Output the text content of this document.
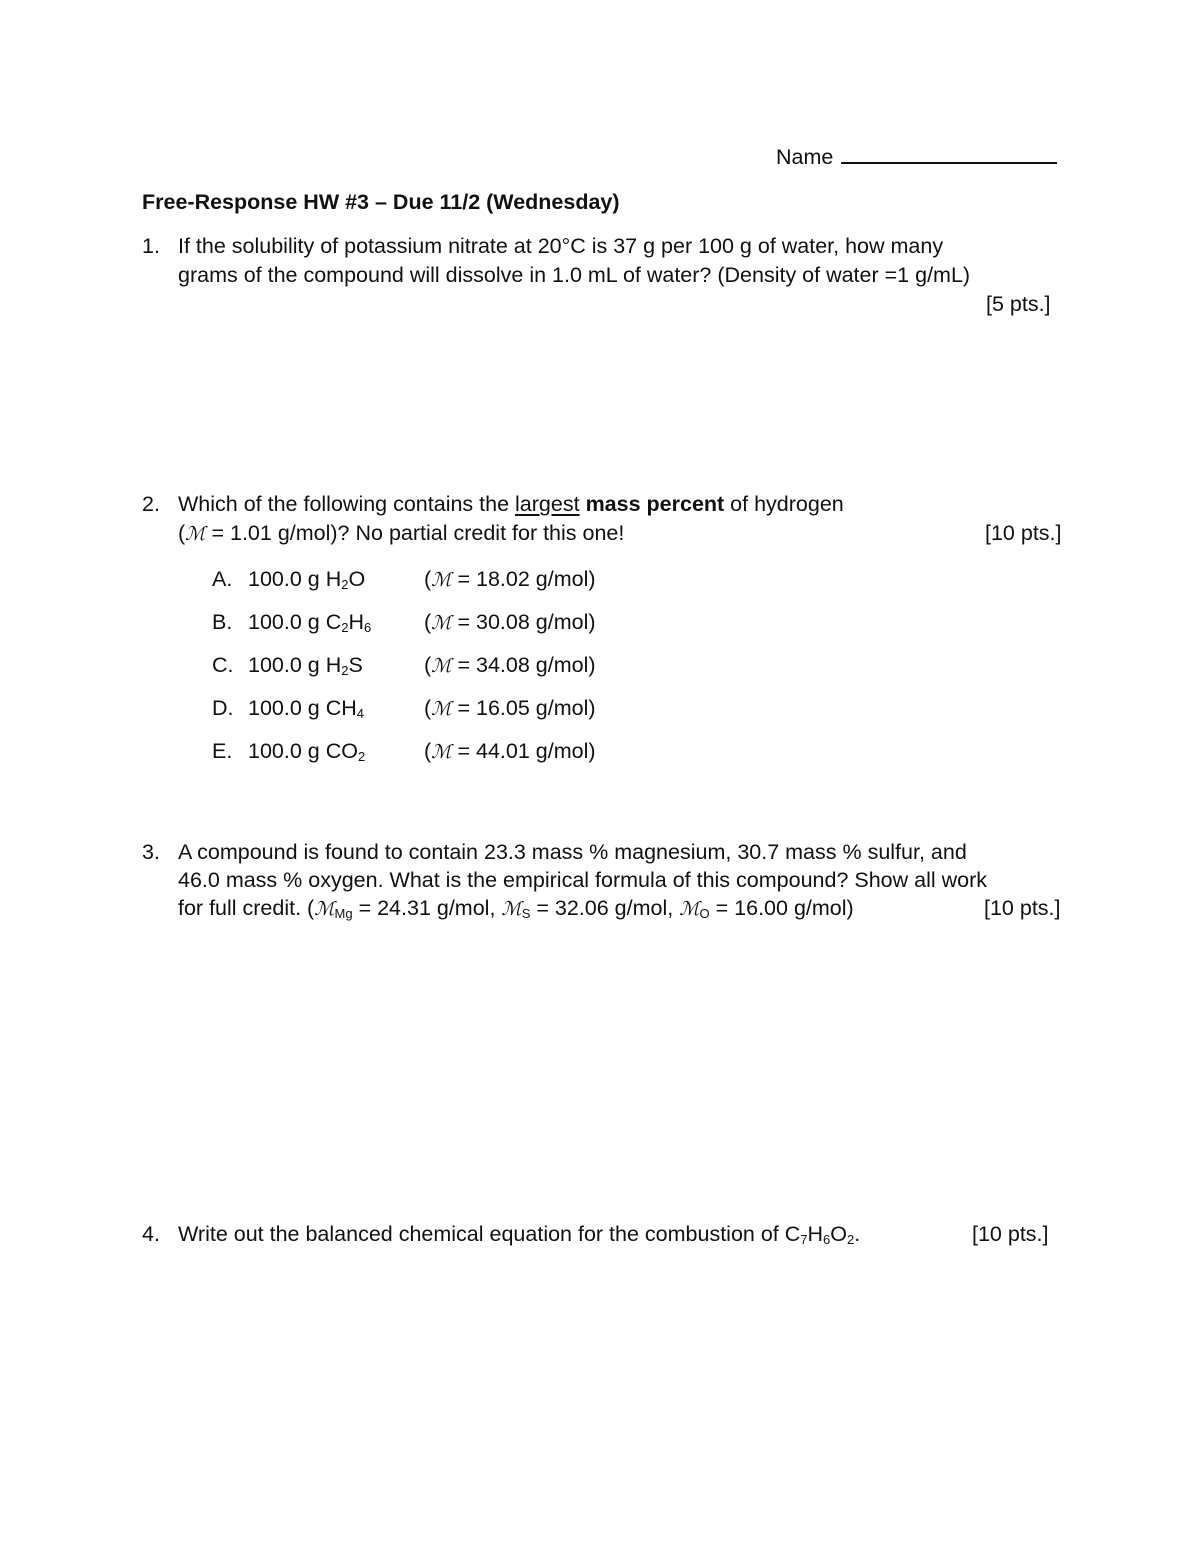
Name
Free-Response HW #3 – Due 11/2 (Wednesday)
1. If the solubility of potassium nitrate at 20°C is 37 g per 100 g of water, how many
grams of the compound will dissolve in 1.0 mL of water? (Density of water =1 g/mL)
[5 pts.]
2. Which of the following contains the largest mass percent of hydrogen
(ℳ = 1.01 g/mol)? No partial credit for this one!	[10 pts.]
A. 100.0 g H2O	(ℳ = 18.02 g/mol)
B. 100.0 g C2H6 (ℳ = 30.08 g/mol)
C. 100.0 g H2S	(ℳ = 34.08 g/mol)
D. 100.0 g CH4	(ℳ = 16.05 g/mol)
E. 100.0 g CO2	(ℳ = 44.01 g/mol)
3. A compound is found to contain 23.3 mass % magnesium, 30.7 mass % sulfur, and
46.0 mass % oxygen. What is the empirical formula of this compound? Show all work
for full credit. (ℳMg = 24.31 g/mol, ℳS = 32.06 g/mol, ℳO = 16.00 g/mol)	[10 pts.]
4. Write out the balanced chemical equation for the combustion of C7H6O2.	[10 pts.]
